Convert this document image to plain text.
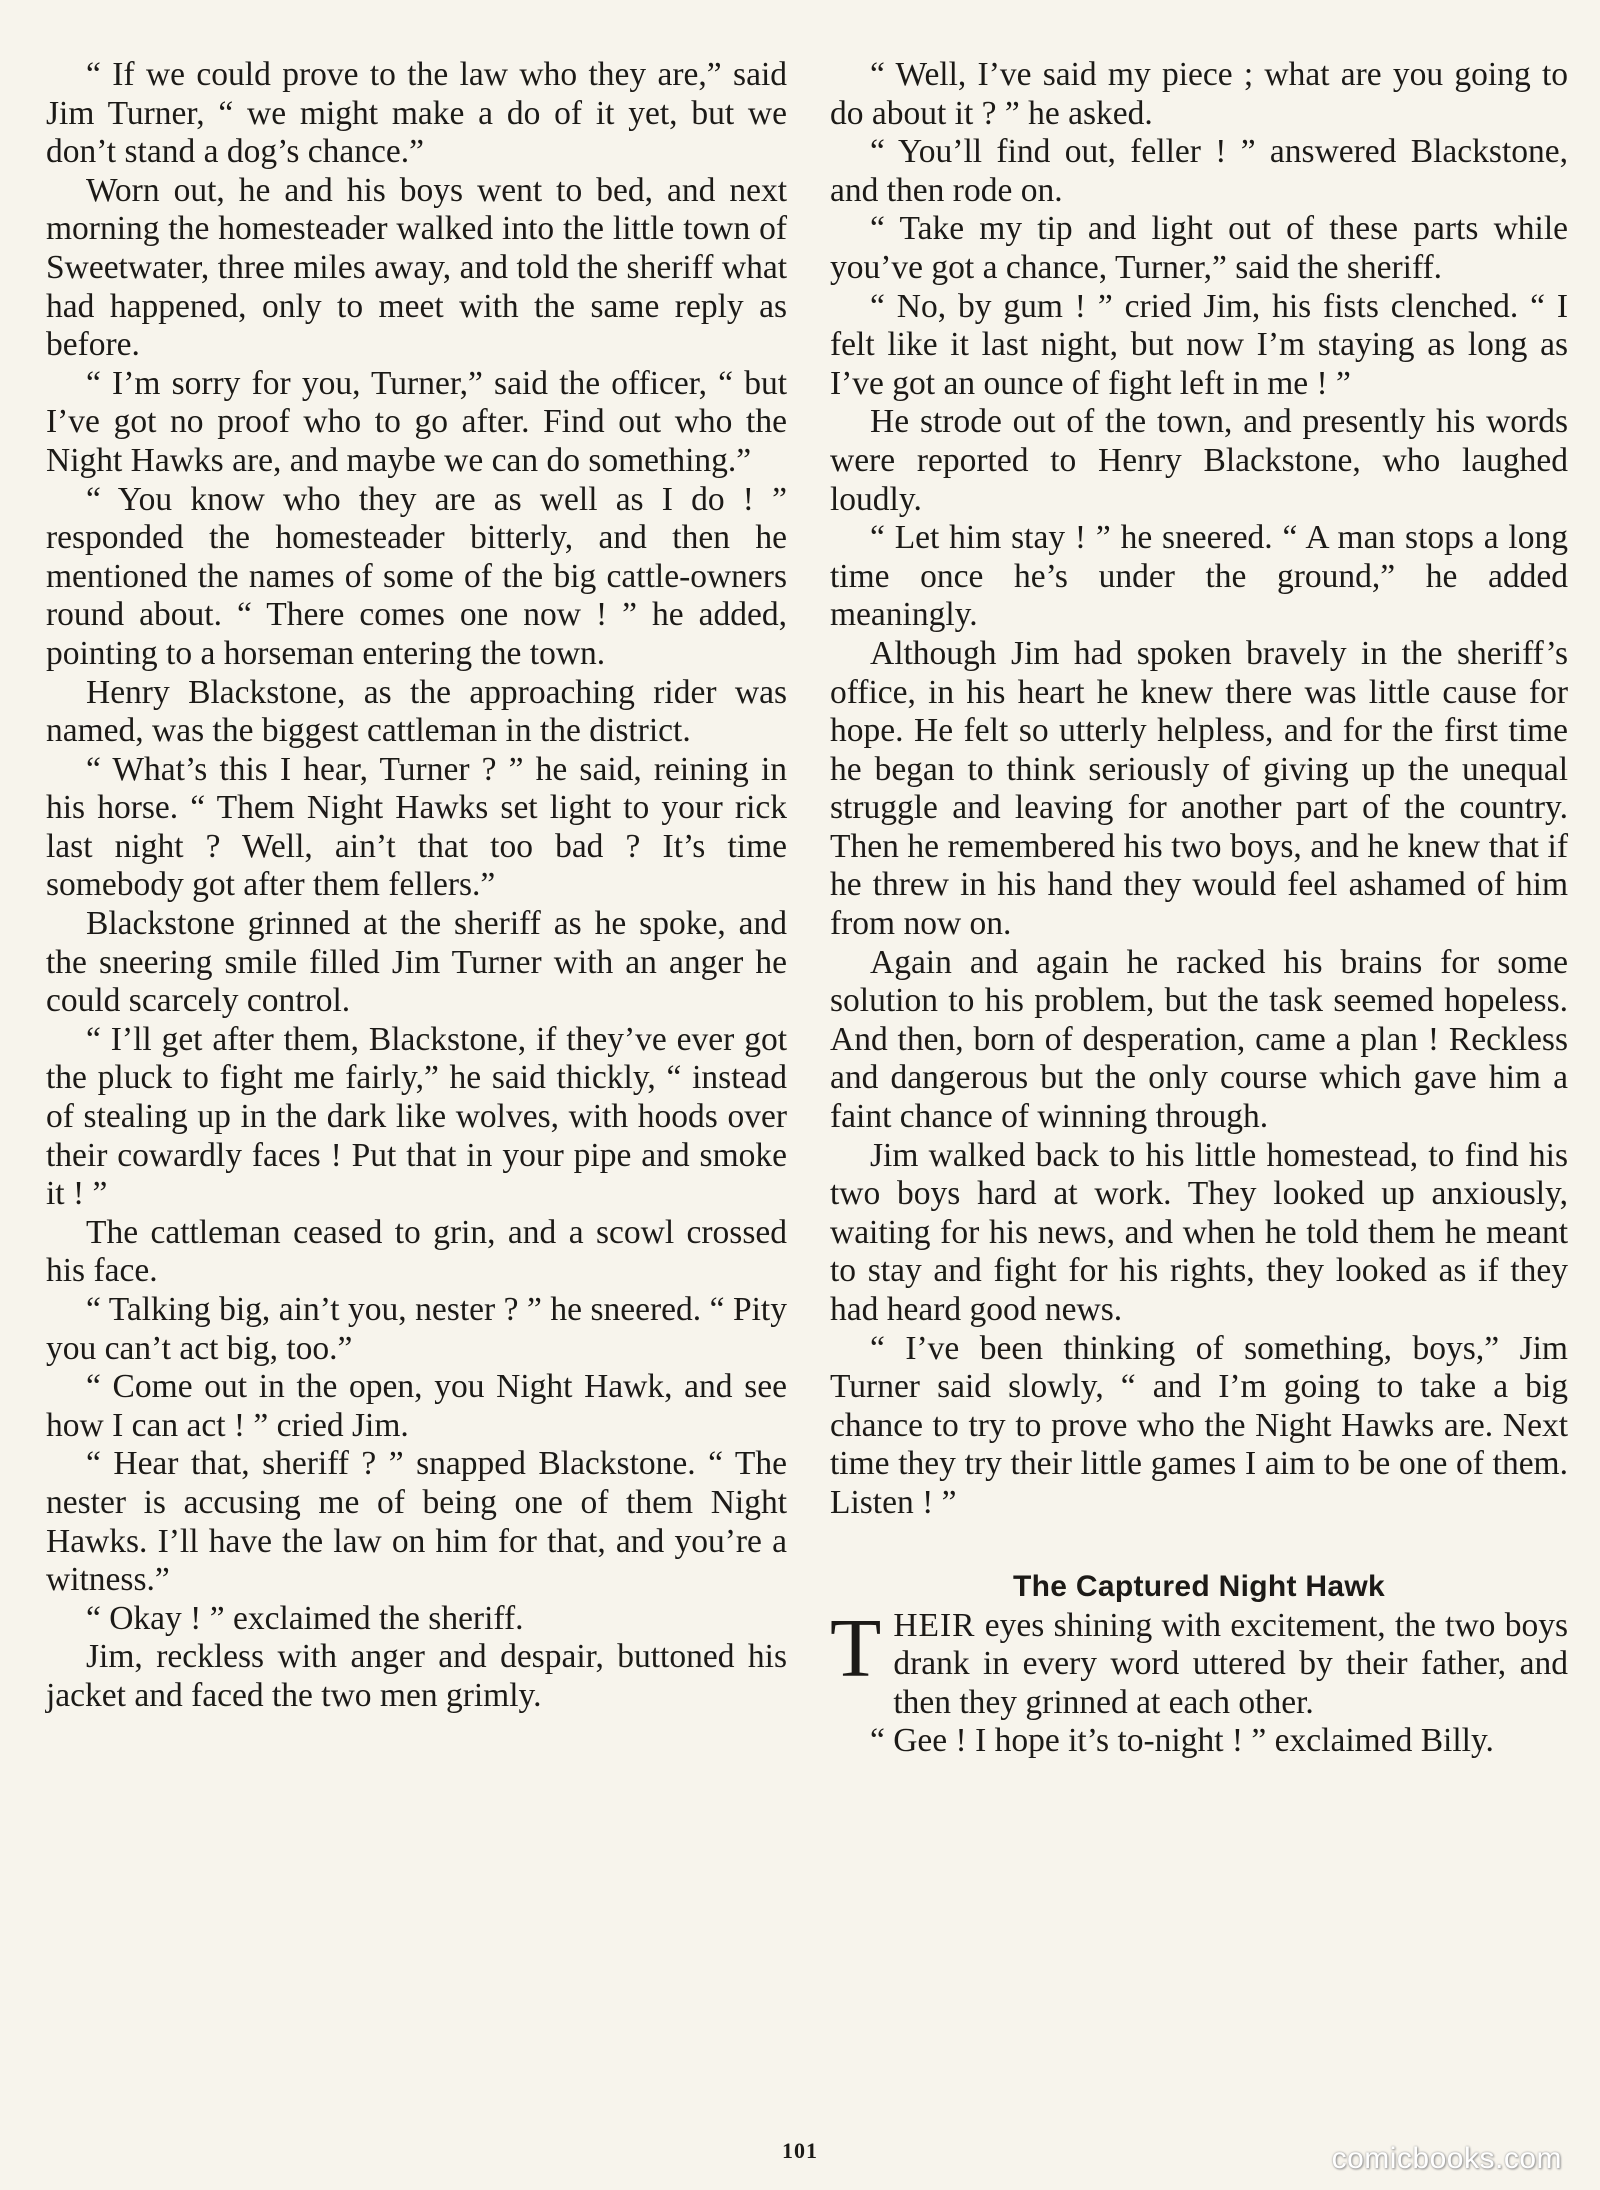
“ If we could prove to the law who they are,” said Jim Turner, “ we might make a do of it yet, but we don’t stand a dog’s chance.”

Worn out, he and his boys went to bed, and next morning the homesteader walked into the little town of Sweetwater, three miles away, and told the sheriff what had happened, only to meet with the same reply as before.

“ I’m sorry for you, Turner,” said the officer, “ but I’ve got no proof who to go after. Find out who the Night Hawks are, and maybe we can do something.”

“ You know who they are as well as I do ! ” responded the homesteader bitterly, and then he mentioned the names of some of the big cattle-owners round about. “ There comes one now ! ” he added, pointing to a horseman entering the town.

Henry Blackstone, as the approaching rider was named, was the biggest cattleman in the district.

“ What’s this I hear, Turner ? ” he said, reining in his horse. “ Them Night Hawks set light to your rick last night ? Well, ain’t that too bad ? It’s time somebody got after them fellers.”

Blackstone grinned at the sheriff as he spoke, and the sneering smile filled Jim Turner with an anger he could scarcely control.

“ I’ll get after them, Blackstone, if they’ve ever got the pluck to fight me fairly,” he said thickly, “ instead of stealing up in the dark like wolves, with hoods over their cowardly faces ! Put that in your pipe and smoke it ! ”

The cattleman ceased to grin, and a scowl crossed his face.

“ Talking big, ain’t you, nester ? ” he sneered. “ Pity you can’t act big, too.”

“ Come out in the open, you Night Hawk, and see how I can act ! ” cried Jim.

“ Hear that, sheriff ? ” snapped Blackstone. “ The nester is accusing me of being one of them Night Hawks. I’ll have the law on him for that, and you’re a witness.”

“ Okay ! ” exclaimed the sheriff.

Jim, reckless with anger and despair, buttoned his jacket and faced the two men grimly.

“ Well, I’ve said my piece ; what are you going to do about it ? ” he asked.

“ You’ll find out, feller ! ” answered Blackstone, and then rode on.

“ Take my tip and light out of these parts while you’ve got a chance, Turner,” said the sheriff.

“ No, by gum ! ” cried Jim, his fists clenched. “ I felt like it last night, but now I’m staying as long as I’ve got an ounce of fight left in me ! ”

He strode out of the town, and presently his words were reported to Henry Blackstone, who laughed loudly.

“ Let him stay ! ” he sneered. “ A man stops a long time once he’s under the ground,” he added meaningly.

Although Jim had spoken bravely in the sheriff’s office, in his heart he knew there was little cause for hope. He felt so utterly helpless, and for the first time he began to think seriously of giving up the unequal struggle and leaving for another part of the country. Then he remembered his two boys, and he knew that if he threw in his hand they would feel ashamed of him from now on.

Again and again he racked his brains for some solution to his problem, but the task seemed hopeless. And then, born of desperation, came a plan ! Reckless and dangerous but the only course which gave him a faint chance of winning through.

Jim walked back to his little homestead, to find his two boys hard at work. They looked up anxiously, waiting for his news, and when he told them he meant to stay and fight for his rights, they looked as if they had heard good news.

“ I’ve been thinking of something, boys,” Jim Turner said slowly, “ and I’m going to take a big chance to try to prove who the Night Hawks are. Next time they try their little games I aim to be one of them. Listen ! ”

The Captured Night Hawk

THEIR eyes shining with excitement, the two boys drank in every word uttered by their father, and then they grinned at each other.

“ Gee ! I hope it’s to-night ! ” exclaimed Billy.

101	comicbooks.com
